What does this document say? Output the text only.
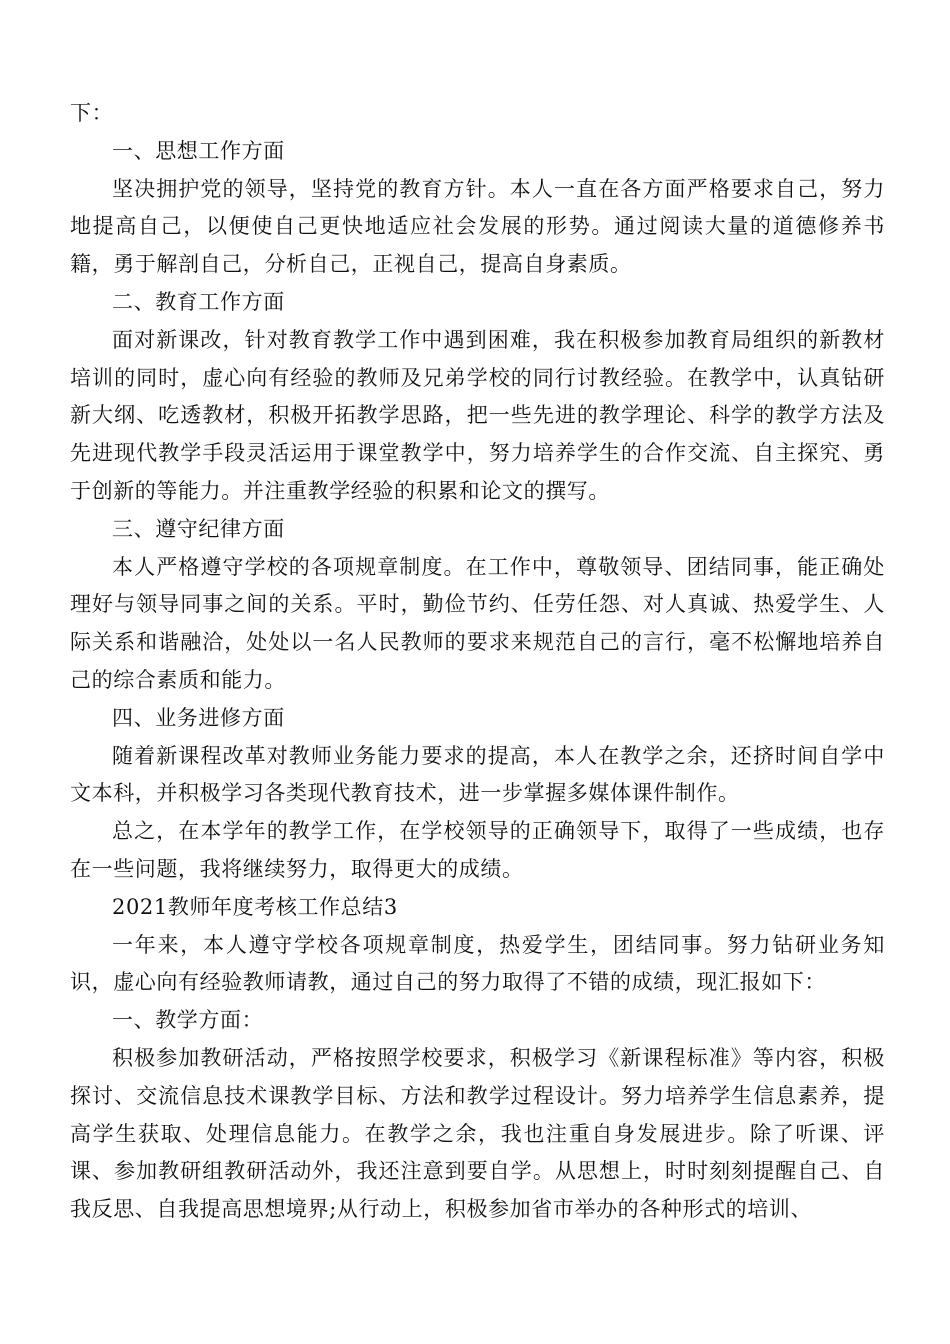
下：

一、思想工作方面

坚决拥护党的领导，坚持党的教育方针。本人一直在各方面严格要求自己，努力地提高自己，以便使自己更快地适应社会发展的形势。通过阅读大量的道德修养书籍，勇于解剖自己，分析自己，正视自己，提高自身素质。

二、教育工作方面

面对新课改，针对教育教学工作中遇到困难，我在积极参加教育局组织的新教材培训的同时，虚心向有经验的教师及兄弟学校的同行讨教经验。在教学中，认真钻研新大纲、吃透教材，积极开拓教学思路，把一些先进的教学理论、科学的教学方法及先进现代教学手段灵活运用于课堂教学中，努力培养学生的合作交流、自主探究、勇于创新的等能力。并注重教学经验的积累和论文的撰写。

三、遵守纪律方面

本人严格遵守学校的各项规章制度。在工作中，尊敬领导、团结同事，能正确处理好与领导同事之间的关系。平时，勤俭节约、任劳任怨、对人真诚、热爱学生、人际关系和谐融洽，处处以一名人民教师的要求来规范自己的言行，毫不松懈地培养自己的综合素质和能力。

四、业务进修方面

随着新课程改革对教师业务能力要求的提高，本人在教学之余，还挤时间自学中文本科，并积极学习各类现代教育技术，进一步掌握多媒体课件制作。

总之，在本学年的教学工作，在学校领导的正确领导下，取得了一些成绩，也存在一些问题，我将继续努力，取得更大的成绩。

2021教师年度考核工作总结3

一年来，本人遵守学校各项规章制度，热爱学生，团结同事。努力钻研业务知识，虚心向有经验教师请教，通过自己的努力取得了不错的成绩，现汇报如下：

一、教学方面：

积极参加教研活动，严格按照学校要求，积极学习《新课程标准》等内容，积极探讨、交流信息技术课教学目标、方法和教学过程设计。努力培养学生信息素养，提高学生获取、处理信息能力。在教学之余，我也注重自身发展进步。除了听课、评课、参加教研组教研活动外，我还注意到要自学。从思想上，时时刻刻提醒自己、自我反思、自我提高思想境界;从行动上，积极参加省市举办的各种形式的培训、
